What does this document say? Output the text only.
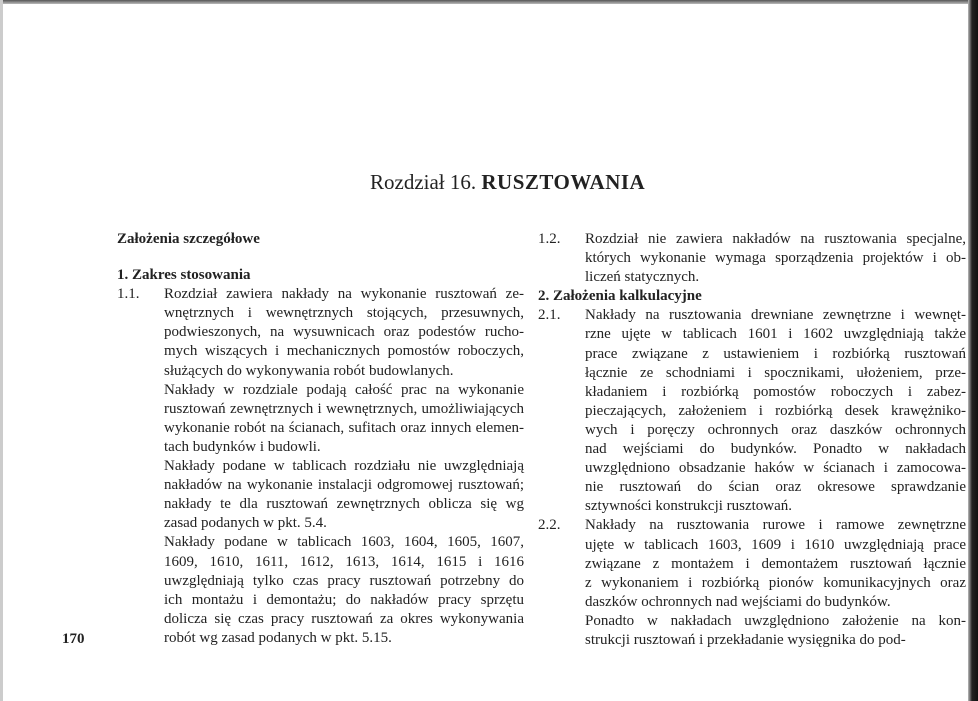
Rozdział 16. RUSZTOWANIA
Założenia szczegółowe
1. Zakres stosowania
1.1. Rozdział zawiera nakłady na wykonanie rusztowań ze-
wnętrznych i wewnętrznych stojących, przesuwnych,
podwieszonych, na wysuwnicach oraz podestów rucho-
mych wiszących i mechanicznych pomostów roboczych,
służących do wykonywania robót budowlanych.
Nakłady w rozdziale podają całość prac na wykonanie
rusztowań zewnętrznych i wewnętrznych, umożliwiających
wykonanie robót na ścianach, sufitach oraz innych elemen-
tach budynków i budowli.
Nakłady podane w tablicach rozdziału nie uwzględniają
nakładów na wykonanie instalacji odgromowej rusztowań;
nakłady te dla rusztowań zewnętrznych oblicza się wg
zasad podanych w pkt. 5.4.
Nakłady podane w tablicach 1603, 1604, 1605, 1607,
1609, 1610, 1611, 1612, 1613, 1614, 1615 i 1616
uwzględniają tylko czas pracy rusztowań potrzebny do
ich montażu i demontażu; do nakładów pracy sprzętu
dolicza się czas pracy rusztowań za okres wykonywania
robót wg zasad podanych w pkt. 5.15.
1.2. Rozdział nie zawiera nakładów na rusztowania specjalne,
których wykonanie wymaga sporządzenia projektów i ob-
liczeń statycznych.
2. Założenia kalkulacyjne
2.1. Nakłady na rusztowania drewniane zewnętrzne i wewnęt-
rzne ujęte w tablicach 1601 i 1602 uwzględniają także
prace związane z ustawieniem i rozbiórką rusztowań
łącznie ze schodniami i spocznikami, ułożeniem, prze-
kładaniem i rozbiórką pomostów roboczych i zabez-
pieczających, założeniem i rozbiórką desek krawężniko-
wych i poręczy ochronnych oraz daszków ochronnych
nad wejściami do budynków. Ponadto w nakładach
uwzględniono obsadzanie haków w ścianach i zamocowa-
nie rusztowań do ścian oraz okresowe sprawdzanie
sztywności konstrukcji rusztowań.
2.2. Nakłady na rusztowania rurowe i ramowe zewnętrzne
ujęte w tablicach 1603, 1609 i 1610 uwzględniają prace
związane z montażem i demontażem rusztowań łącznie
z wykonaniem i rozbiórką pionów komunikacyjnych oraz
daszków ochronnych nad wejściami do budynków.
Ponadto w nakładach uwzględniono założenie na kon-
strukcji rusztowań i przekładanie wysięgnika do pod-
170
